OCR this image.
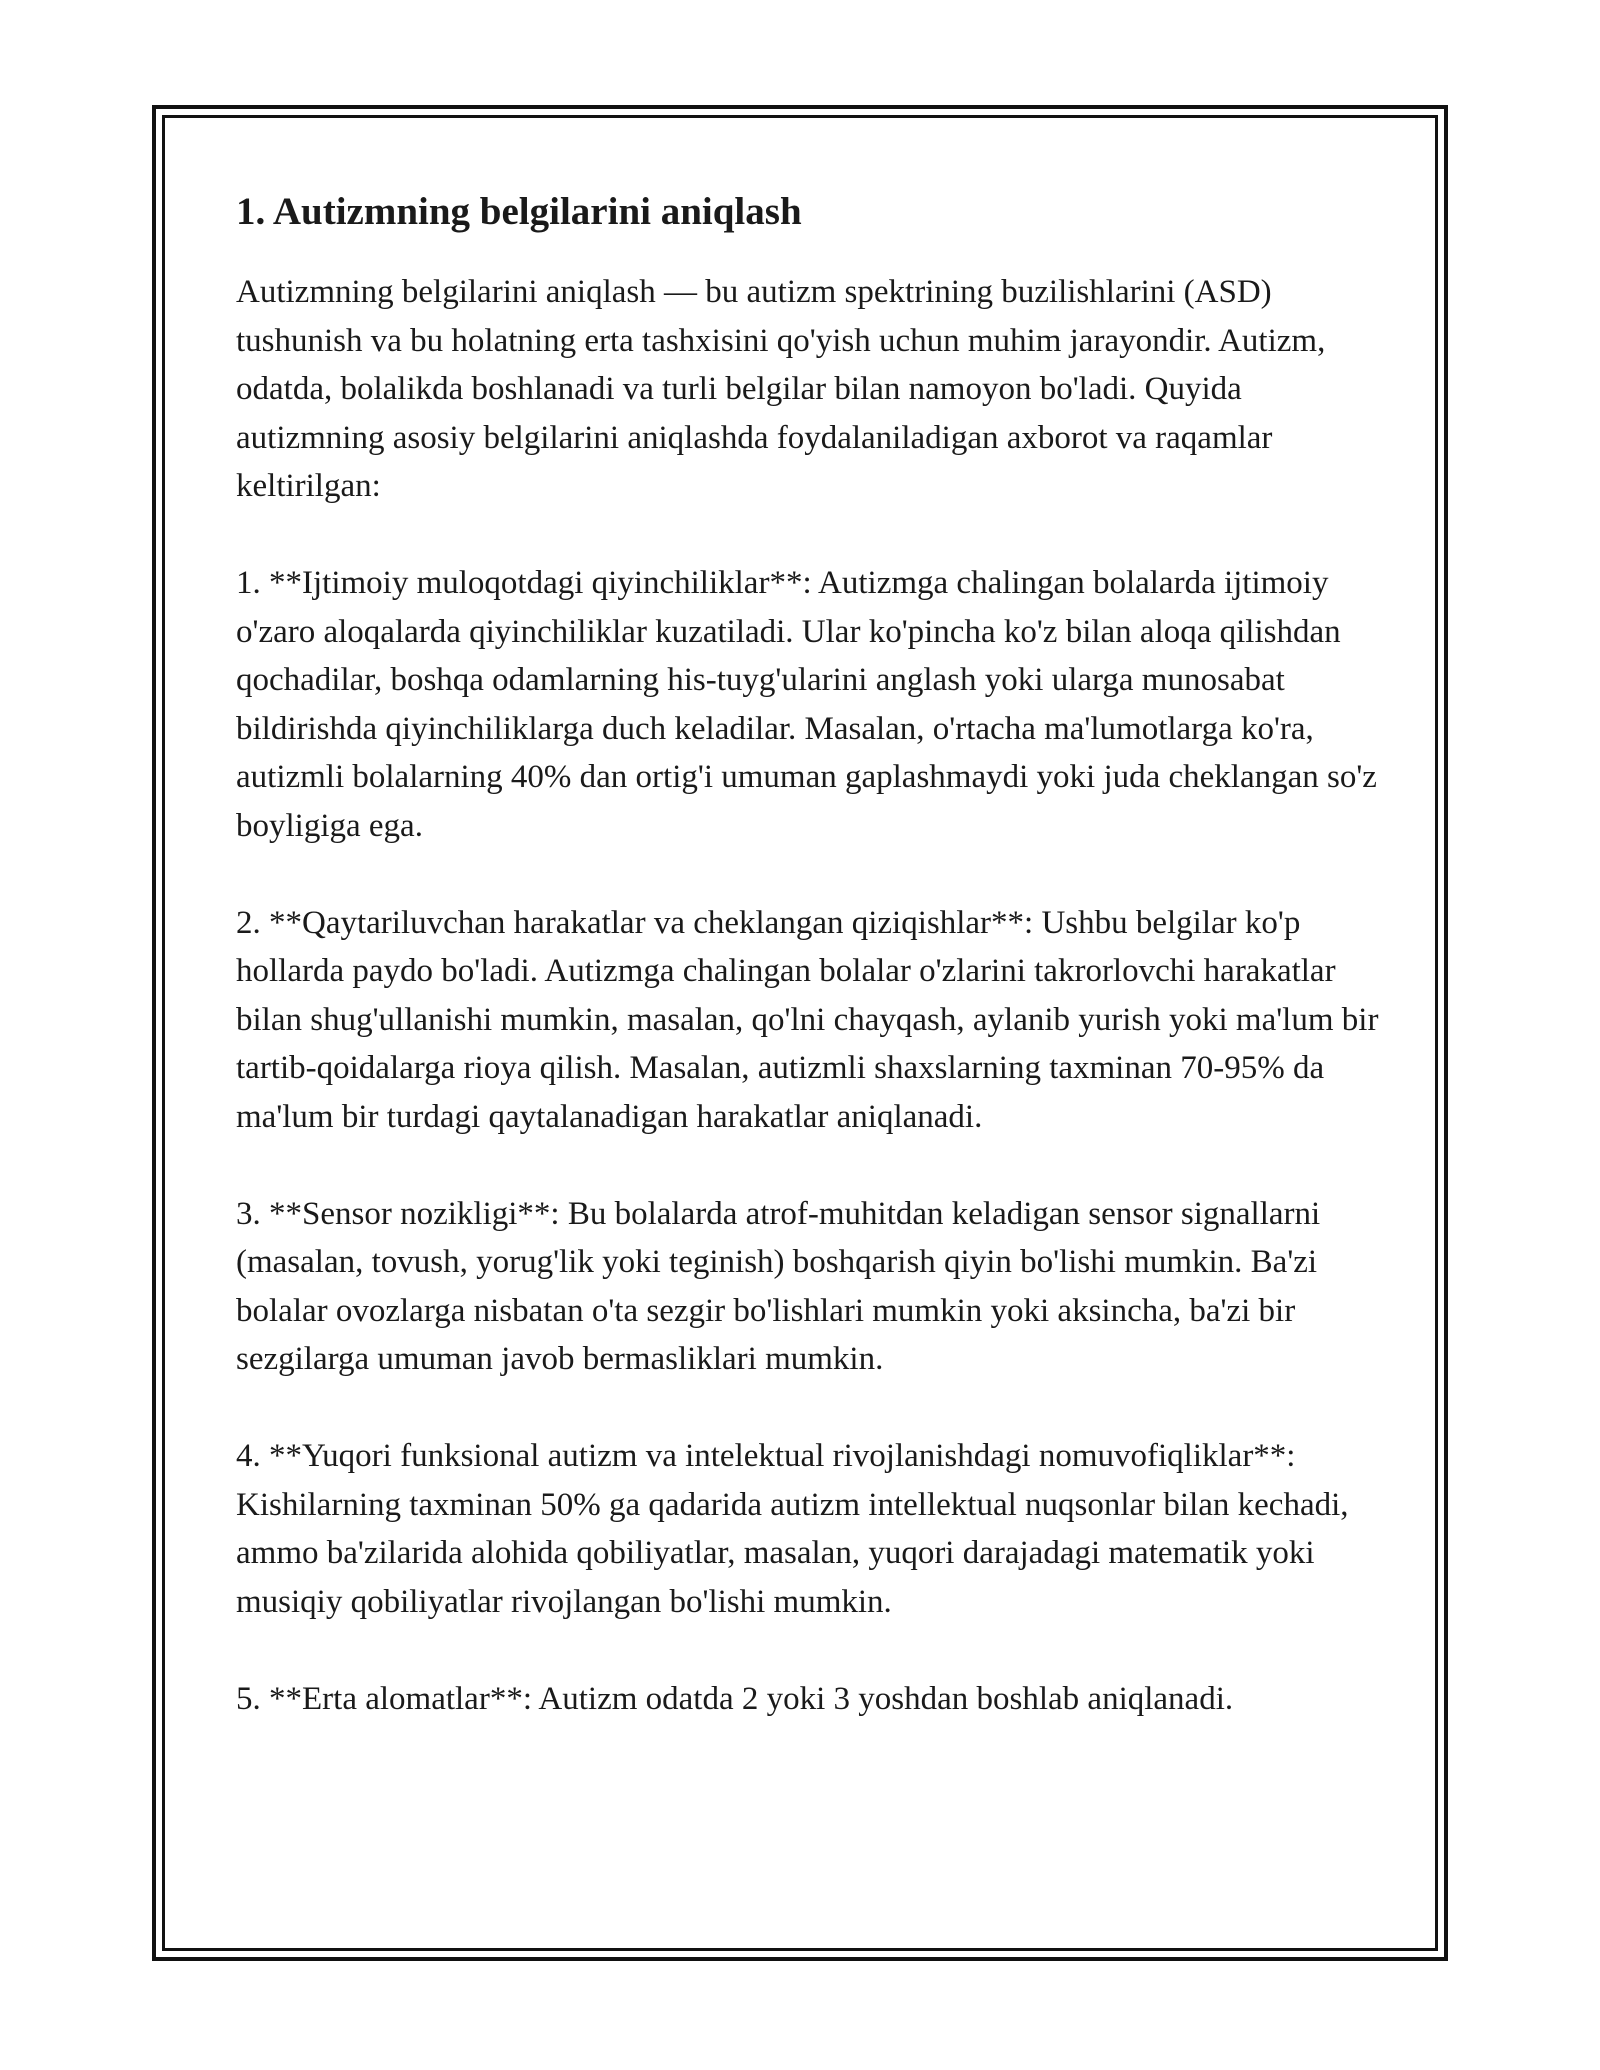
1. Autizmning belgilarini aniqlash
Autizmning belgilarini aniqlash — bu autizm spektrining buzilishlarini (ASD) tushunish va bu holatning erta tashxisini qo'yish uchun muhim jarayondir. Autizm, odatda, bolalikda boshlanadi va turli belgilar bilan namoyon bo'ladi. Quyida autizmning asosiy belgilarini aniqlashda foydalaniladigan axborot va raqamlar keltirilgan:
1. **Ijtimoiy muloqotdagi qiyinchiliklar**: Autizmga chalingan bolalarda ijtimoiy o'zaro aloqalarda qiyinchiliklar kuzatiladi. Ular ko'pincha ko'z bilan aloqa qilishdan qochadilar, boshqa odamlarning his-tuyg'ularini anglash yoki ularga munosabat bildirishda qiyinchiliklarga duch keladilar. Masalan, o'rtacha ma'lumotlarga ko'ra, autizmli bolalarning 40% dan ortig'i umuman gaplashmaydi yoki juda cheklangan so'z boyligiga ega.
2. **Qaytariluvchan harakatlar va cheklangan qiziqishlar**: Ushbu belgilar ko'p hollarda paydo bo'ladi. Autizmga chalingan bolalar o'zlarini takrorlovchi harakatlar bilan shug'ullanishi mumkin, masalan, qo'lni chayqash, aylanib yurish yoki ma'lum bir tartib-qoidalarga rioya qilish. Masalan, autizmli shaxslarning taxminan 70-95% da ma'lum bir turdagi qaytalanadigan harakatlar aniqlanadi.
3. **Sensor nozikligi**: Bu bolalarda atrof-muhitdan keladigan sensor signallarni (masalan, tovush, yorug'lik yoki teginish) boshqarish qiyin bo'lishi mumkin. Ba'zi bolalar ovozlarga nisbatan o'ta sezgir bo'lishlari mumkin yoki aksincha, ba'zi bir sezgilarga umuman javob bermasliklari mumkin.
4. **Yuqori funksional autizm va intelektual rivojlanishdagi nomuvofiqliklar**: Kishilarning taxminan 50% ga qadarida autizm intellektual nuqsonlar bilan kechadi, ammo ba'zilarida alohida qobiliyatlar, masalan, yuqori darajadagi matematik yoki musiqiy qobiliyatlar rivojlangan bo'lishi mumkin.
5. **Erta alomatlar**: Autizm odatda 2 yoki 3 yoshdan boshlab aniqlanadi.
